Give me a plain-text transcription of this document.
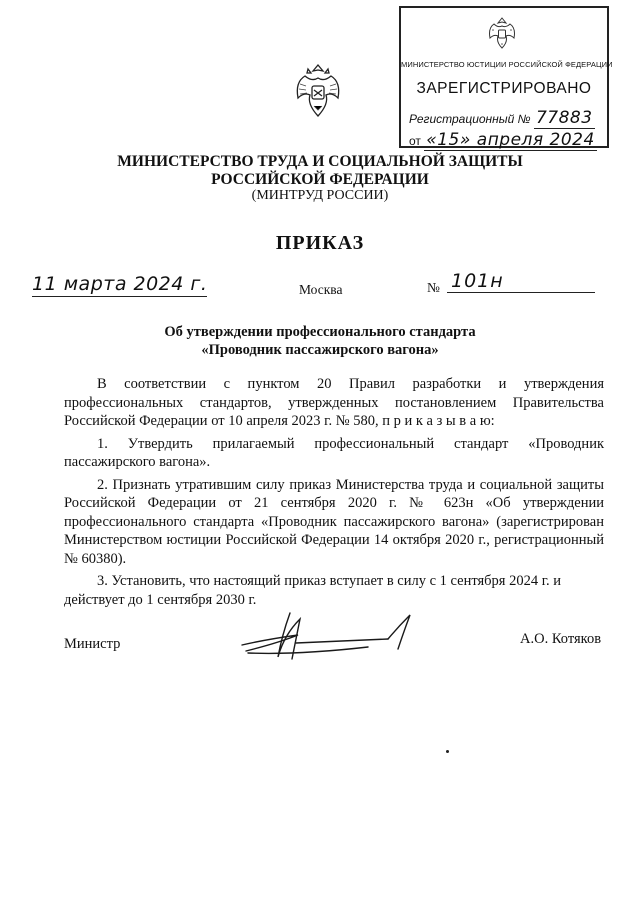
МИНИСТЕРСТВО ЮСТИЦИИ РОССИЙСКОЙ ФЕДЕРАЦИИ
ЗАРЕГИСТРИРОВАНО
Регистрационный № 77883
от «15» апреля 2024
МИНИСТЕРСТВО ТРУДА И СОЦИАЛЬНОЙ ЗАЩИТЫ
РОССИЙСКОЙ ФЕДЕРАЦИИ
(МИНТРУД РОССИИ)
ПРИКАЗ
11 марта 2024 г.	Москва	№ 101н
Об утверждении профессионального стандарта
«Проводник пассажирского вагона»

В соответствии с пунктом 20 Правил разработки и утверждения профессиональных стандартов, утвержденных постановлением Правительства Российской Федерации от 10 апреля 2023 г. № 580, п р и к а з ы в а ю:

1. Утвердить прилагаемый профессиональный стандарт «Проводник пассажирского вагона».

2. Признать утратившим силу приказ Министерства труда и социальной защиты Российской Федерации от 21 сентября 2020 г. № 623н «Об утверждении профессионального стандарта «Проводник пассажирского вагона» (зарегистрирован Министерством юстиции Российской Федерации 14 октября 2020 г., регистрационный № 60380).

3. Установить, что настоящий приказ вступает в силу с 1 сентября 2024 г. и действует до 1 сентября 2030 г.

Министр	А.О. Котяков
